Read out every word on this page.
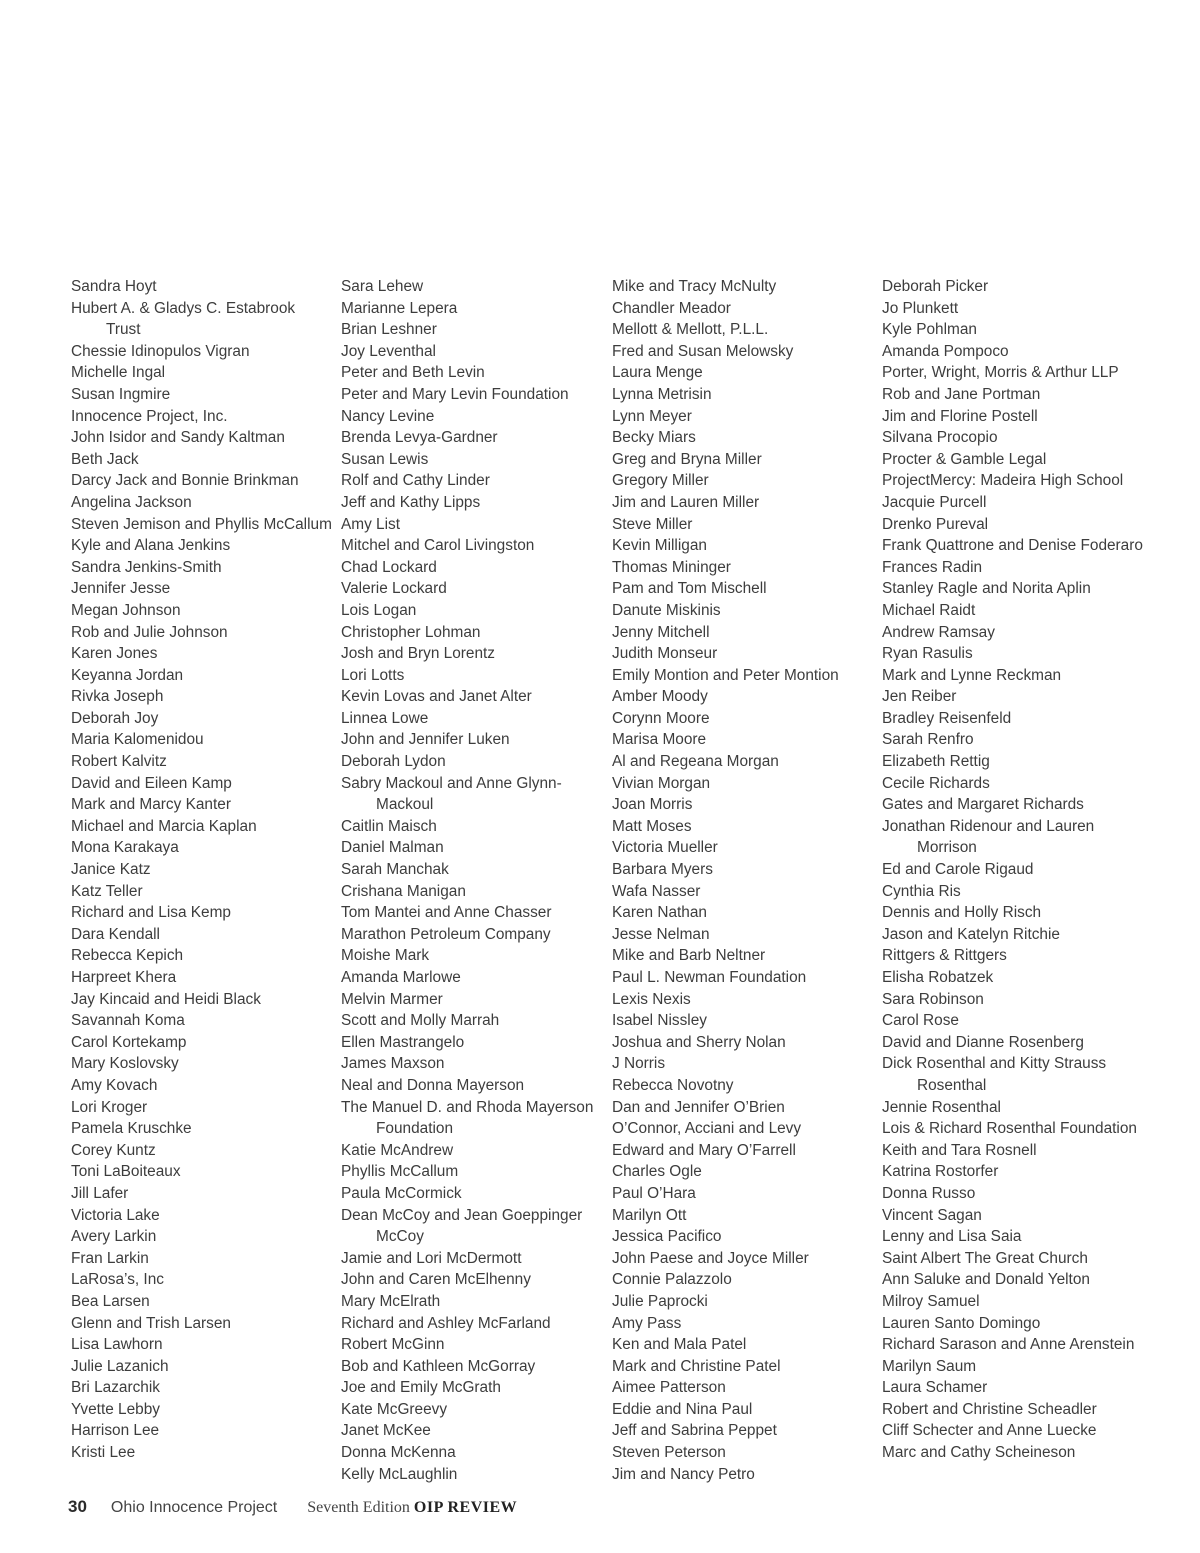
Sandra Hoyt
Hubert A. & Gladys C. Estabrook Trust
Chessie Idinopulos Vigran
Michelle Ingal
Susan Ingmire
Innocence Project, Inc.
John Isidor and Sandy Kaltman
Beth Jack
Darcy Jack and Bonnie Brinkman
Angelina Jackson
Steven Jemison and Phyllis McCallum
Kyle and Alana Jenkins
Sandra Jenkins-Smith
Jennifer Jesse
Megan Johnson
Rob and Julie Johnson
Karen Jones
Keyanna Jordan
Rivka Joseph
Deborah Joy
Maria Kalomenidou
Robert Kalvitz
David and Eileen Kamp
Mark and Marcy Kanter
Michael and Marcia Kaplan
Mona Karakaya
Janice Katz
Katz Teller
Richard and Lisa Kemp
Dara Kendall
Rebecca Kepich
Harpreet Khera
Jay Kincaid and Heidi Black
Savannah Koma
Carol Kortekamp
Mary Koslovsky
Amy Kovach
Lori Kroger
Pamela Kruschke
Corey Kuntz
Toni LaBoiteaux
Jill Lafer
Victoria Lake
Avery Larkin
Fran Larkin
LaRosa’s, Inc
Bea Larsen
Glenn and Trish Larsen
Lisa Lawhorn
Julie Lazanich
Bri Lazarchik
Yvette Lebby
Harrison Lee
Kristi Lee
Sara Lehew
Marianne Lepera
Brian Leshner
Joy Leventhal
Peter and Beth Levin
Peter and Mary Levin Foundation
Nancy Levine
Brenda Levya-Gardner
Susan Lewis
Rolf and Cathy Linder
Jeff and Kathy Lipps
Amy List
Mitchel and Carol Livingston
Chad Lockard
Valerie Lockard
Lois Logan
Christopher Lohman
Josh and Bryn Lorentz
Lori Lotts
Kevin Lovas and Janet Alter
Linnea Lowe
John and Jennifer Luken
Deborah Lydon
Sabry Mackoul and Anne Glynn-Mackoul
Caitlin Maisch
Daniel Malman
Sarah Manchak
Crishana Manigan
Tom Mantei and Anne Chasser
Marathon Petroleum Company
Moishe Mark
Amanda Marlowe
Melvin Marmer
Scott and Molly Marrah
Ellen Mastrangelo
James Maxson
Neal and Donna Mayerson
The Manuel D. and Rhoda Mayerson Foundation
Katie McAndrew
Phyllis McCallum
Paula McCormick
Dean McCoy and Jean Goeppinger McCoy
Jamie and Lori McDermott
John and Caren McElhenny
Mary McElrath
Richard and Ashley McFarland
Robert McGinn
Bob and Kathleen McGorray
Joe and Emily McGrath
Kate McGreevy
Janet McKee
Donna McKenna
Kelly McLaughlin
Mike and Tracy McNulty
Chandler Meador
Mellott & Mellott, P.L.L.
Fred and Susan Melowsky
Laura Menge
Lynna Metrisin
Lynn Meyer
Becky Miars
Greg and Bryna Miller
Gregory Miller
Jim and Lauren Miller
Steve Miller
Kevin Milligan
Thomas Mininger
Pam and Tom Mischell
Danute Miskinis
Jenny Mitchell
Judith Monseur
Emily Montion and Peter Montion
Amber Moody
Corynn Moore
Marisa Moore
Al and Regeana Morgan
Vivian Morgan
Joan Morris
Matt Moses
Victoria Mueller
Barbara Myers
Wafa Nasser
Karen Nathan
Jesse Nelman
Mike and Barb Neltner
Paul L. Newman Foundation
Lexis Nexis
Isabel Nissley
Joshua and Sherry Nolan
J Norris
Rebecca Novotny
Dan and Jennifer O’Brien
O’Connor, Acciani and Levy
Edward and Mary O’Farrell
Charles Ogle
Paul O’Hara
Marilyn Ott
Jessica Pacifico
John Paese and Joyce Miller
Connie Palazzolo
Julie Paprocki
Amy Pass
Ken and Mala Patel
Mark and Christine Patel
Aimee Patterson
Eddie and Nina Paul
Jeff and Sabrina Peppet
Steven Peterson
Jim and Nancy Petro
Deborah Picker
Jo Plunkett
Kyle Pohlman
Amanda Pompoco
Porter, Wright, Morris & Arthur LLP
Rob and Jane Portman
Jim and Florine Postell
Silvana Procopio
Procter & Gamble Legal
ProjectMercy: Madeira High School
Jacquie Purcell
Drenko Pureval
Frank Quattrone and Denise Foderaro
Frances Radin
Stanley Ragle and Norita Aplin
Michael Raidt
Andrew Ramsay
Ryan Rasulis
Mark and Lynne Reckman
Jen Reiber
Bradley Reisenfeld
Sarah Renfro
Elizabeth Rettig
Cecile Richards
Gates and Margaret Richards
Jonathan Ridenour and Lauren Morrison
Ed and Carole Rigaud
Cynthia Ris
Dennis and Holly Risch
Jason and Katelyn Ritchie
Rittgers & Rittgers
Elisha Robatzek
Sara Robinson
Carol Rose
David and Dianne Rosenberg
Dick Rosenthal and Kitty Strauss Rosenthal
Jennie Rosenthal
Lois & Richard Rosenthal Foundation
Keith and Tara Rosnell
Katrina Rostorfer
Donna Russo
Vincent Sagan
Lenny and Lisa Saia
Saint Albert The Great Church
Ann Saluke and Donald Yelton
Milroy Samuel
Lauren Santo Domingo
Richard Sarason and Anne Arenstein
Marilyn Saum
Laura Schamer
Robert and Christine Scheadler
Cliff Schecter and Anne Luecke
Marc and Cathy Scheineson
30 Ohio Innocence Project Seventh Edition OIP REVIEW
